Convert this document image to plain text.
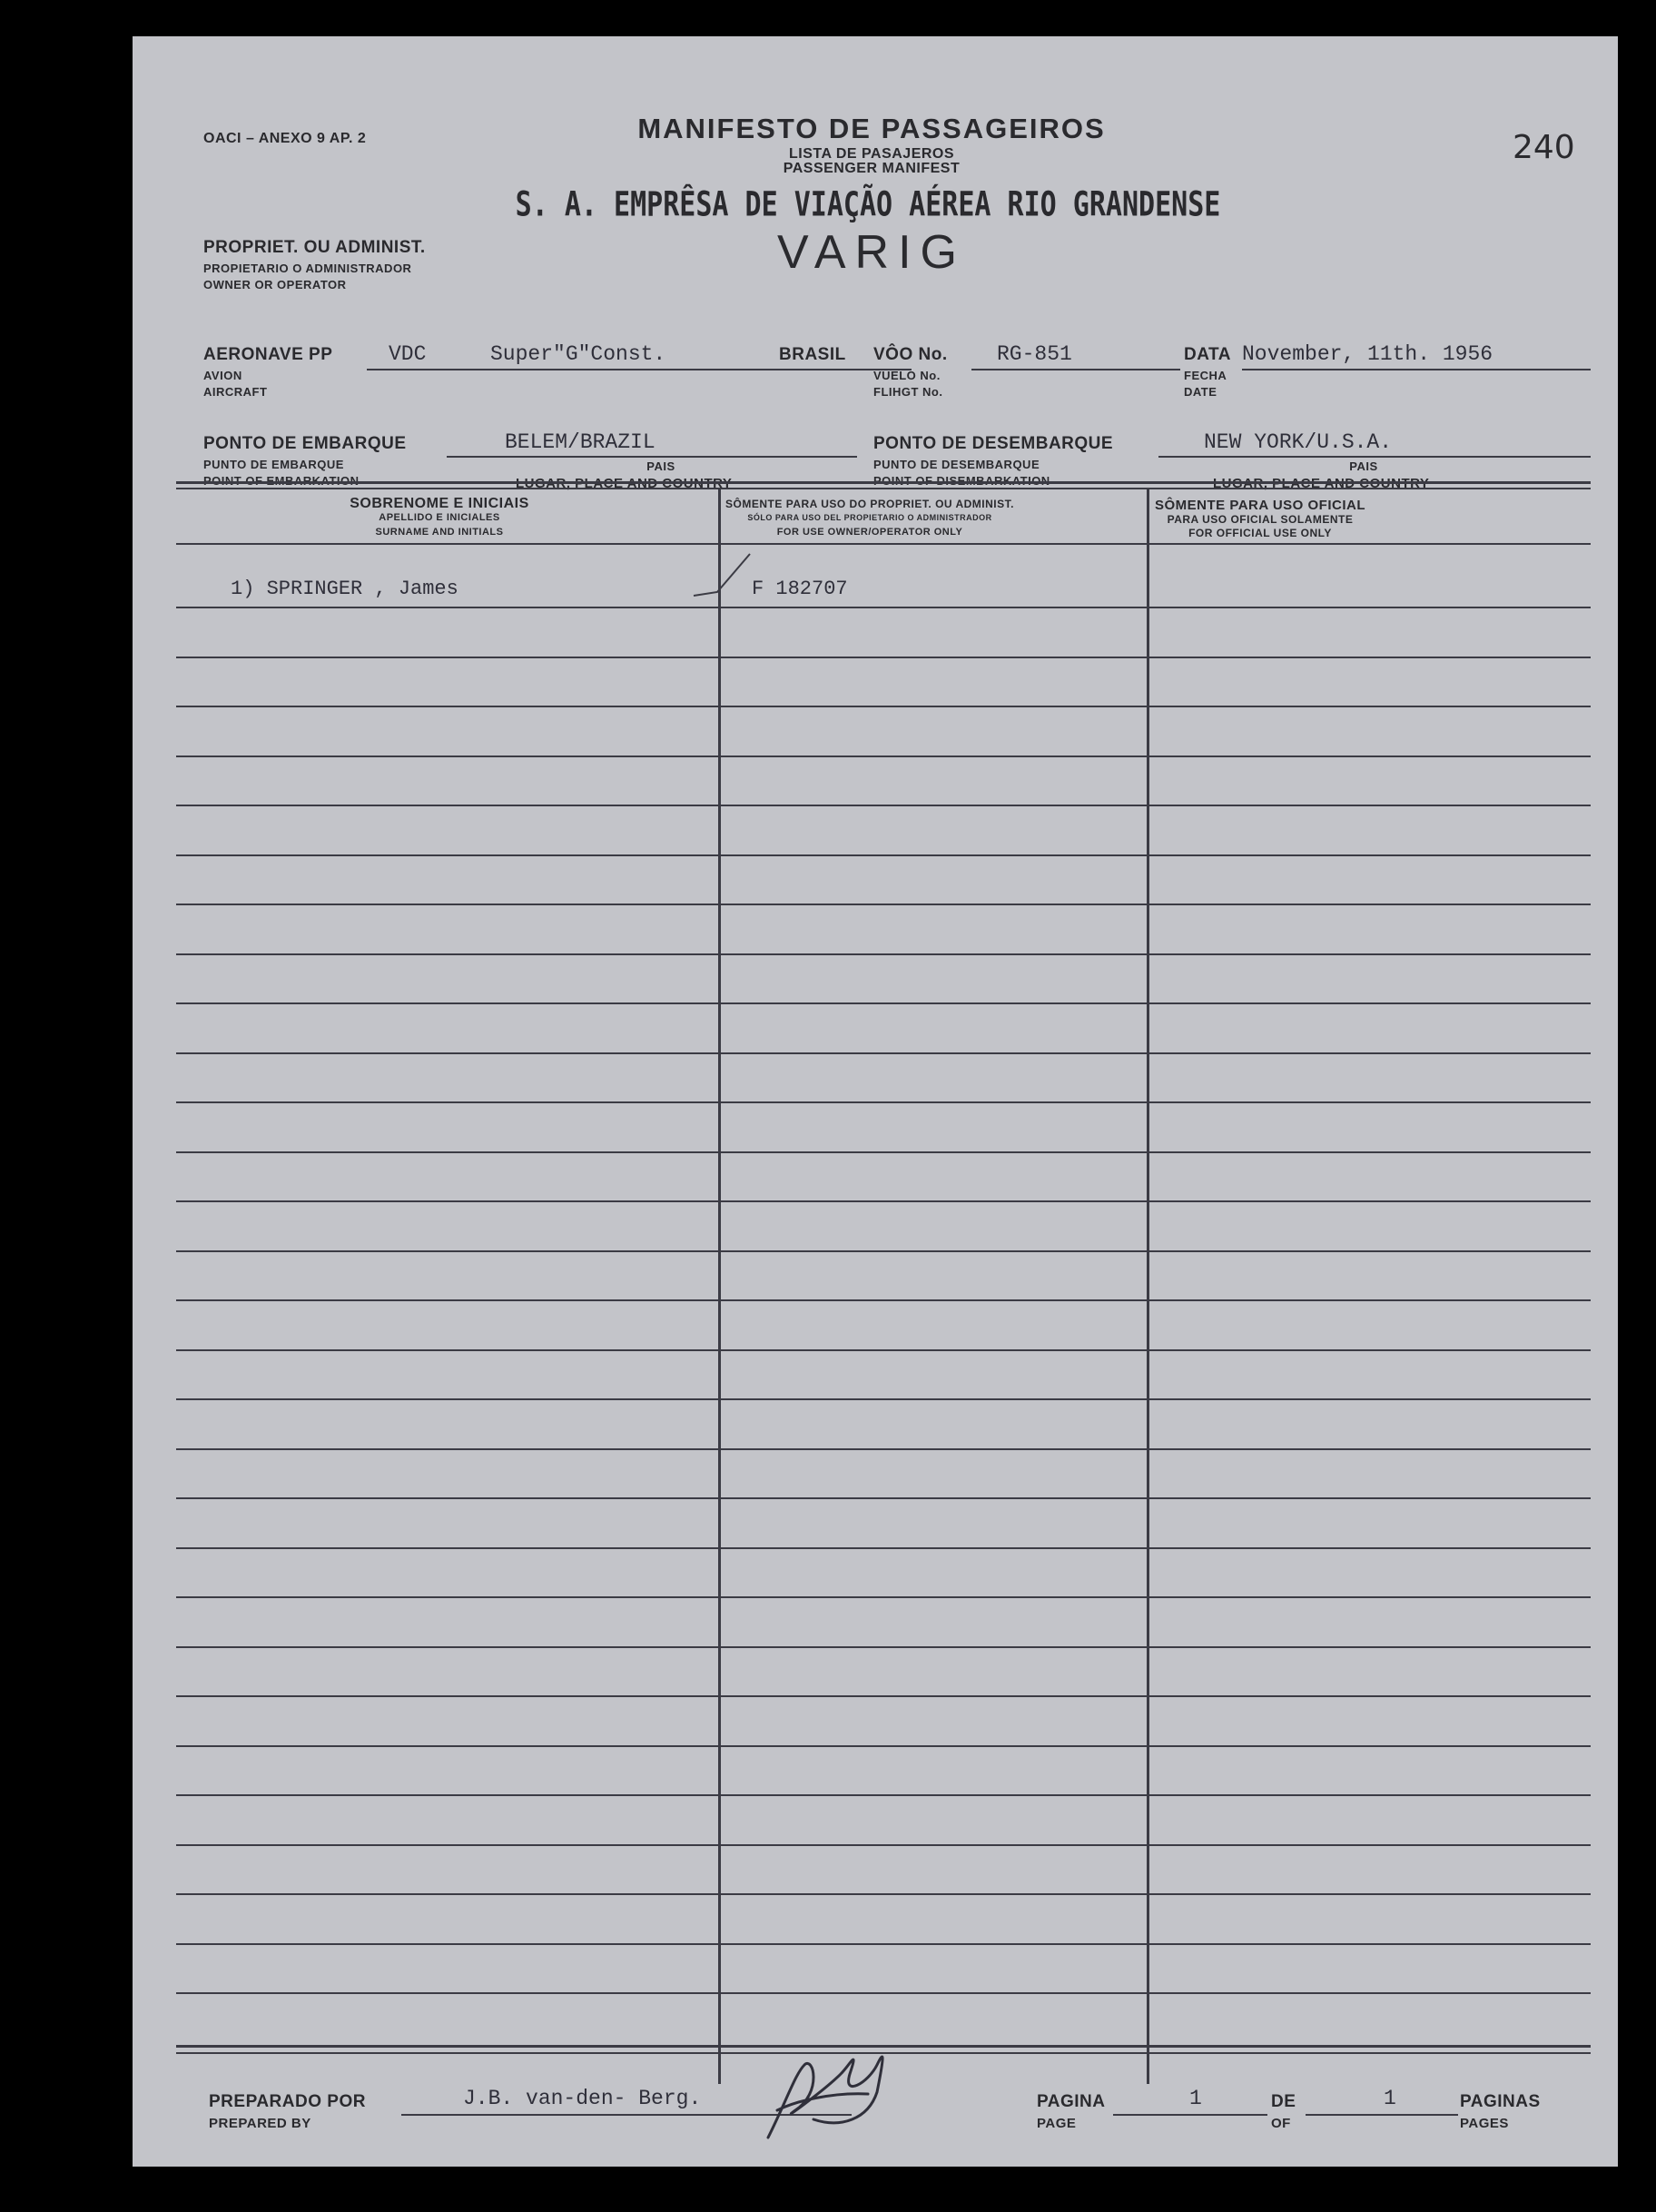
OACI – ANEXO 9 AP. 2	MANIFESTO DE PASSAGEIROS
LISTA DE PASAJEROS
PASSENGER MANIFEST
240
S. A. EMPRÊSA DE VIAÇÃO AÉREA RIO GRANDENSE
VARIG
PROPRIET. OU ADMINIST.
PROPIETARIO O ADMINISTRADOR
OWNER OR OPERATOR
AERONAVE PP
AVION
AIRCRAFT
VDC	Super"G"Const.	BRASIL VÔO No.
VUELO No.
FLIHGT No.
RG-851	DATA
FECHA
DATE
November, 11th. 1956
PONTO DE EMBARQUE
PUNTO DE EMBARQUE
BELEM/BRAZIL
PAIS
PONTO DE DESEMBARQUE
PUNTO DE DESEMBARQUE
NEW YORK/U.S.A.
PAIS
SOBRENOME E INICIAIS
APELLIDO E INICIALES
SURNAME AND INITIALS
SÔMENTE PARA USO DO PROPRIET. OU ADMINIST.
SÓLO PARA USO DEL PROPIETARIO O ADMINISTRADOR
FOR USE OWNER/OPERATOR ONLY
SÔMENTE PARA USO OFICIAL
PARA USO OFICIAL SOLAMENTE
FOR OFFICIAL USE ONLY
1) SPRINGER , James	F 182707
PREPARADO POR
PREPARED BY
J.B. van-den- Berg.	PAGINA
PAGE
1	DE
OF
1	PAGINAS
PAGES
